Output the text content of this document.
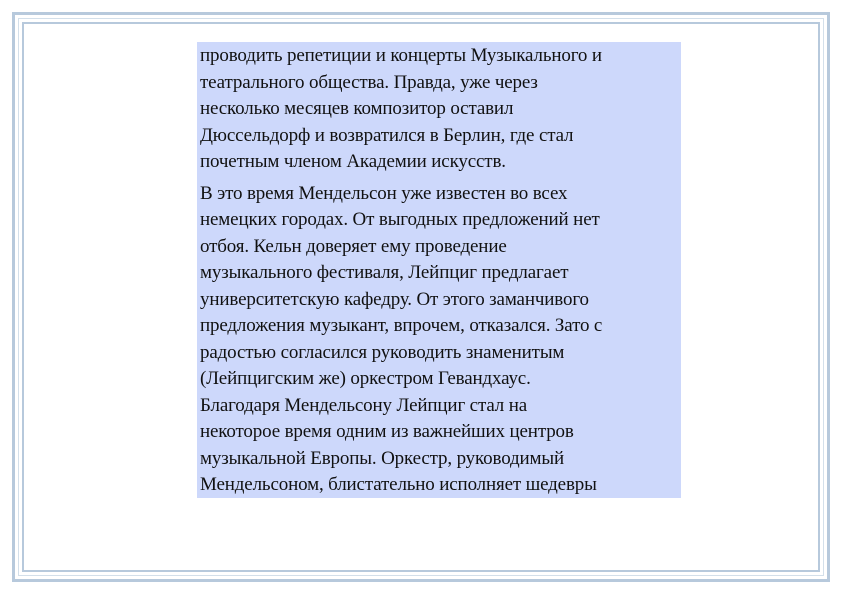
проводить репетиции и концерты Музыкального и
театрального общества. Правда, уже через
несколько месяцев композитор оставил
Дюссельдорф и возвратился в Берлин, где стал
почетным членом Академии искусств.
В это время Мендельсон уже известен во всех
немецких городах. От выгодных предложений нет
отбоя. Кельн доверяет ему проведение
музыкального фестиваля, Лейпциг предлагает
университетскую кафедру. От этого заманчивого
предложения музыкант, впрочем, отказался. Зато с
радостью согласился руководить знаменитым
(Лейпцигским же) оркестром Гевандхаус.
Благодаря Мендельсону Лейпциг стал на
некоторое время одним из важнейших центров
музыкальной Европы. Оркестр, руководимый
Мендельсоном, блистательно исполняет шедевры
